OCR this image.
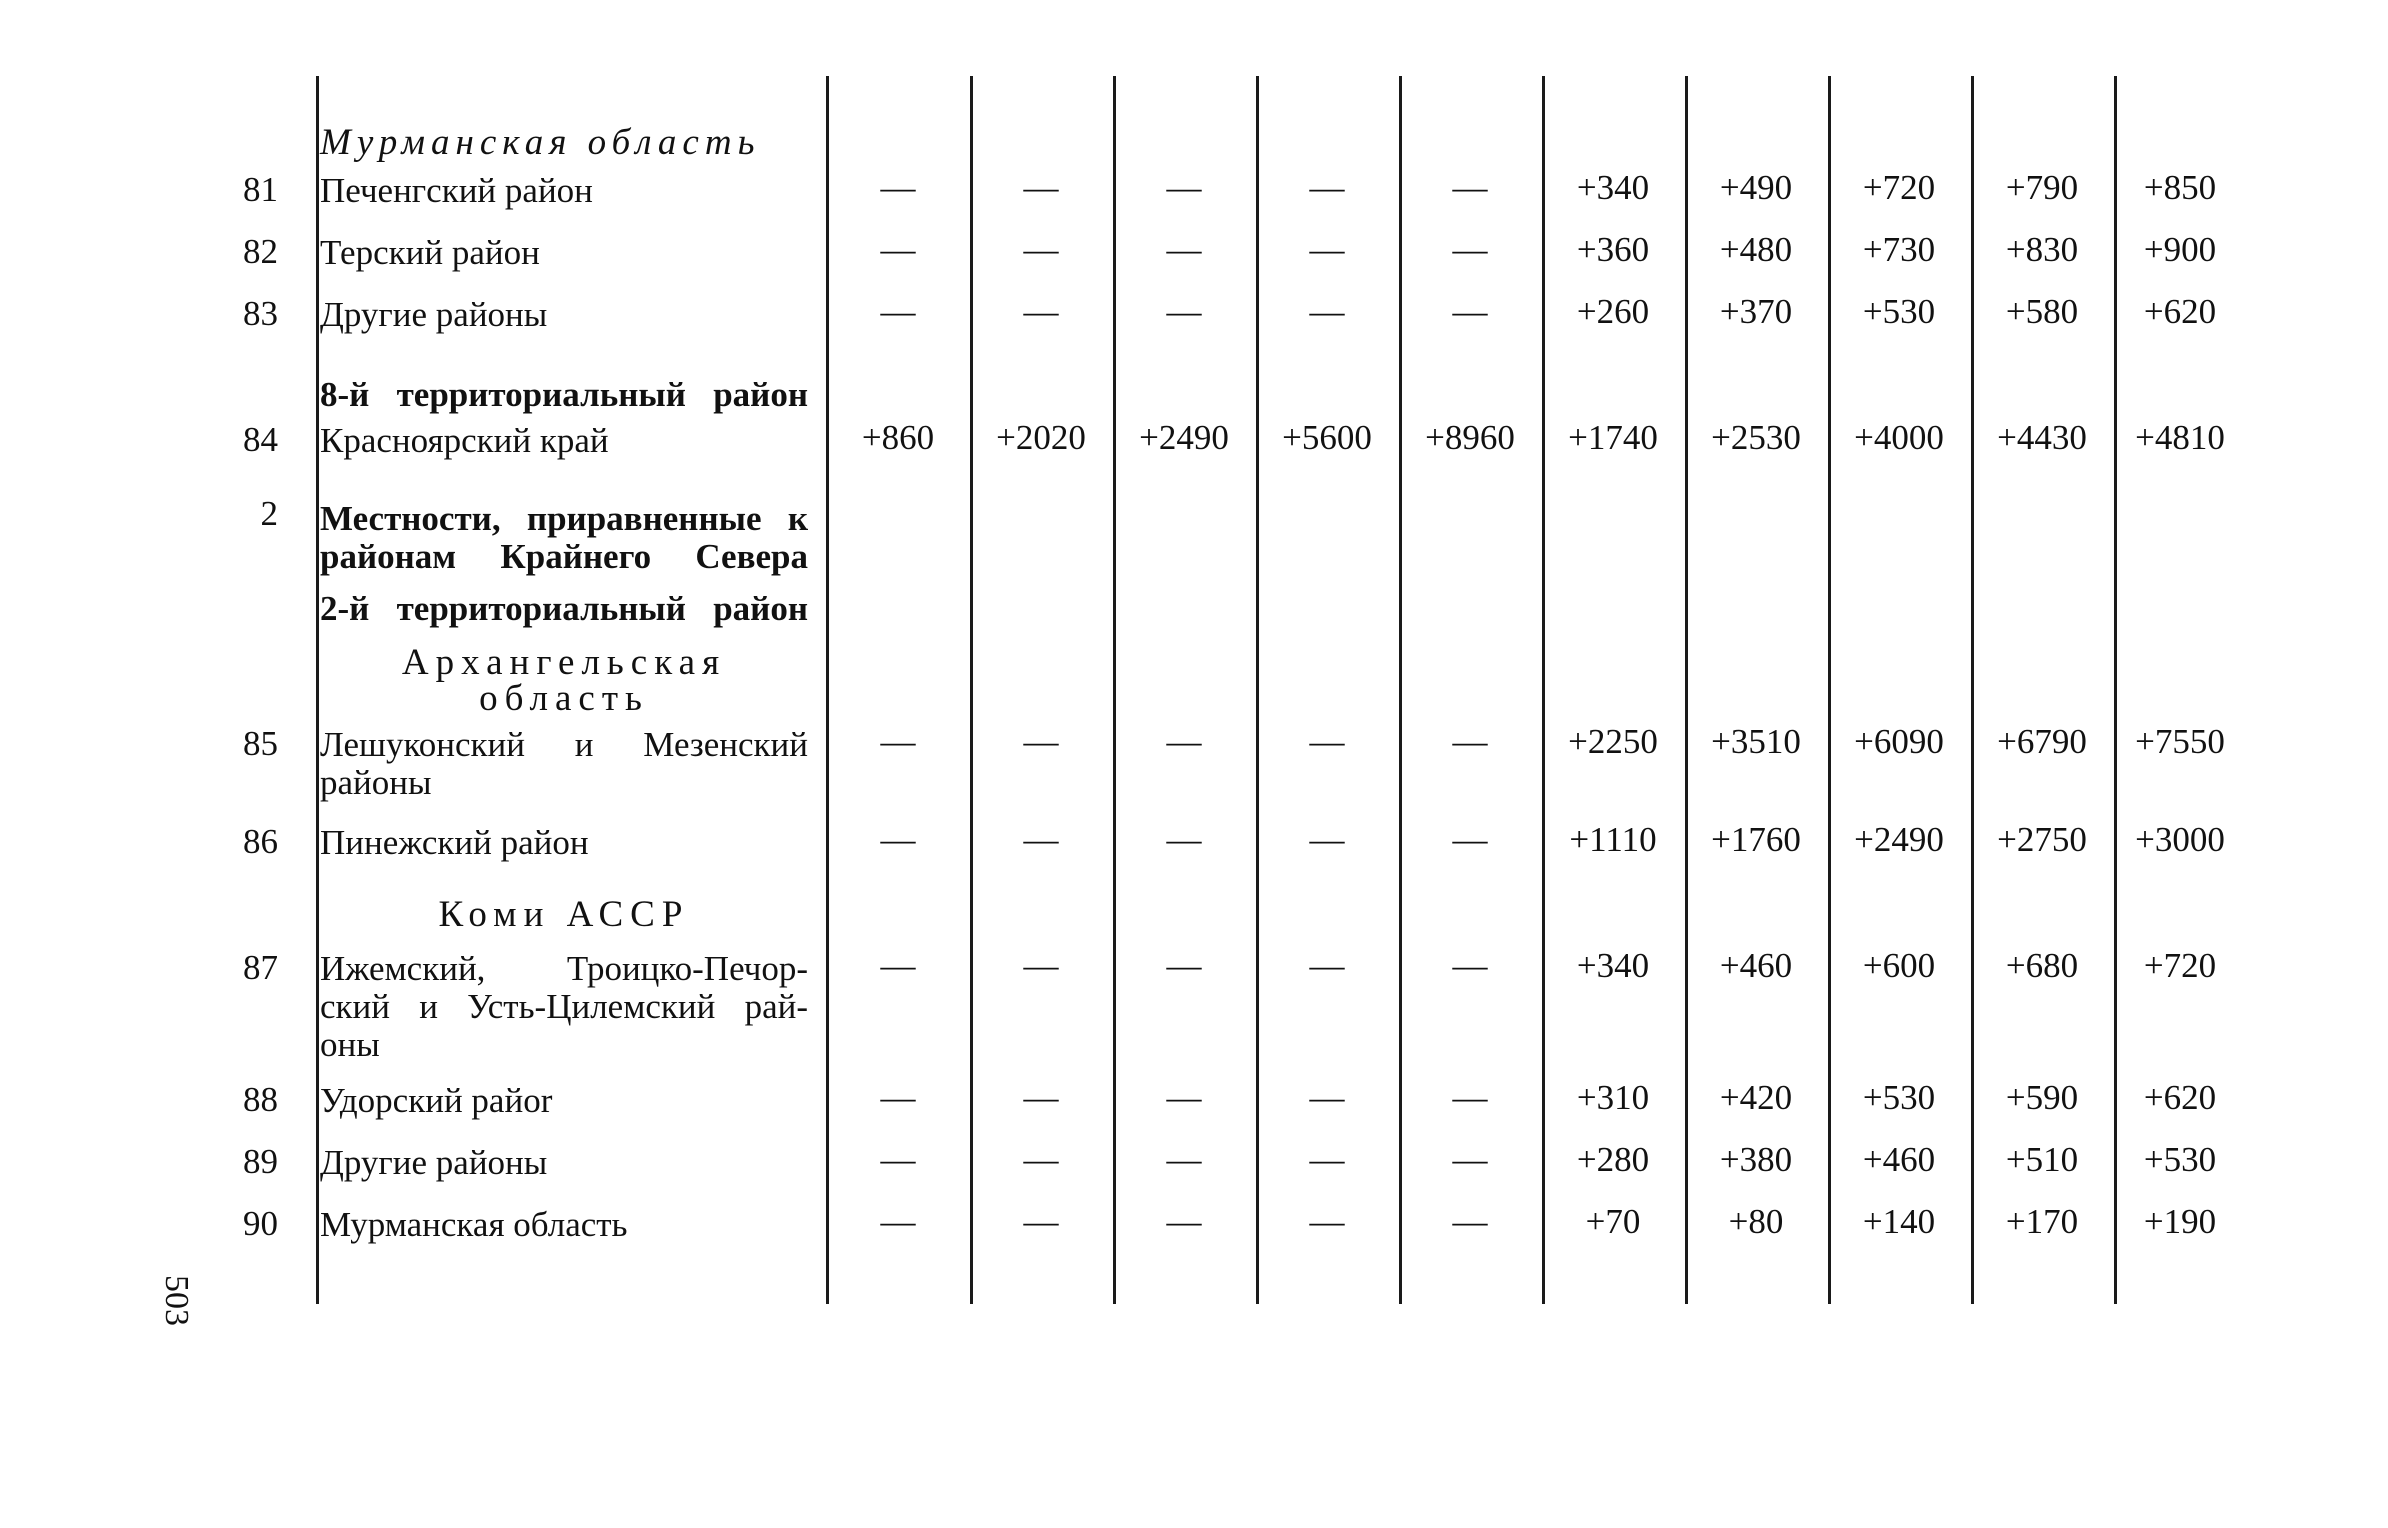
Мурманская область
8-й территориальный район
2 Местности, приравненные к
районам Крайнего Севера
2-й территориальный район
Архангельская
область
Коми АССР
81 Печенгский район	—	—	—	—	—	+340	+490	+720	+790	+850
82 Терский район	—	—	—	—	—	+360	+480	+730	+830	+900
83 Другие районы	—	—	—	—	—	+260	+370	+530	+580	+620
84 Красноярский край	+860	+2020	+2490	+5600	+8960	+1740	+2530	+4000	+4430	+4810
85 Лешуконский и Мезенский
районы
—	—	—	—	—	+2250	+3510	+6090	+6790	+7550
86 Пинежский район	—	—	—	—	—	+1110	+1760	+2490	+2750	+3000
87 Ижемский, Троицко-Печор-
ский и Усть-Цилемский рай-
оны
—	—	—	—	—	+340	+460	+600	+680	+720
88 Удорский райоr	—	—	—	—	—	+310	+420	+530	+590	+620
89 Другие районы	—	—	—	—	—	+280	+380	+460	+510	+530
90 Мурманская область	—	—	—	—	—	+70	+80	+140	+170	+190
503
